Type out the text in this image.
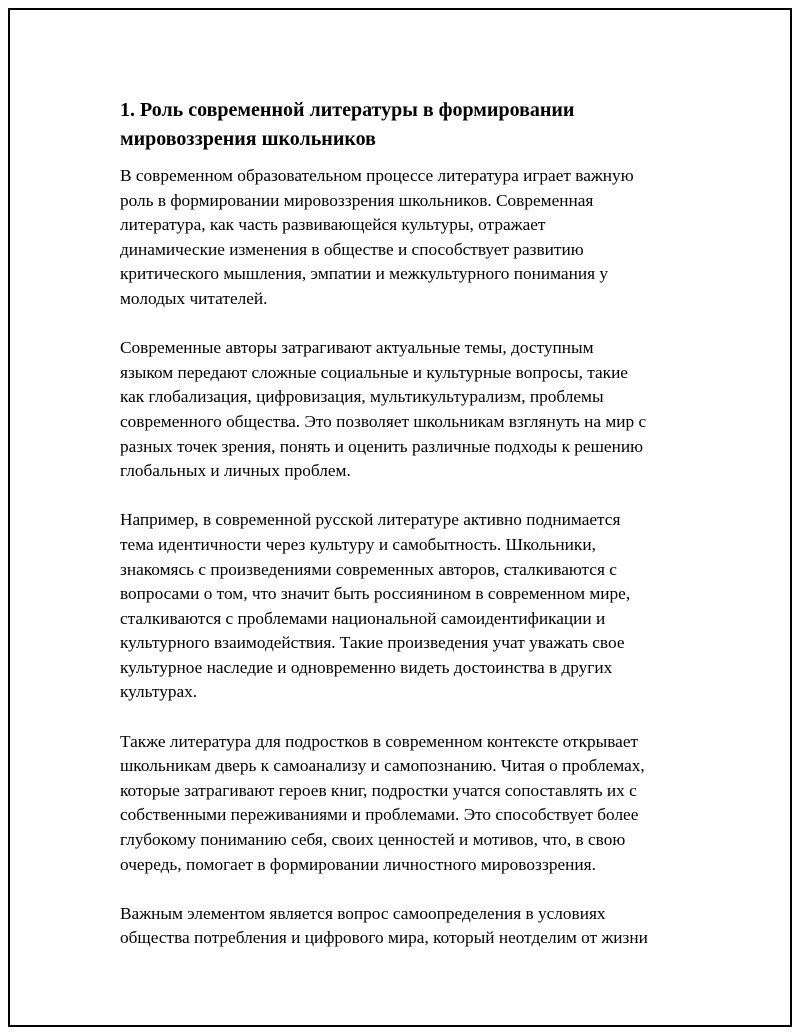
1. Роль современной литературы в формировании
мировоззрения школьников

В современном образовательном процессе литература играет важную
роль в формировании мировоззрения школьников. Современная
литература, как часть развивающейся культуры, отражает
динамические изменения в обществе и способствует развитию
критического мышления, эмпатии и межкультурного понимания у
молодых читателей.

Современные авторы затрагивают актуальные темы, доступным
языком передают сложные социальные и культурные вопросы, такие
как глобализация, цифровизация, мультикультурализм, проблемы
современного общества. Это позволяет школьникам взглянуть на мир с
разных точек зрения, понять и оценить различные подходы к решению
глобальных и личных проблем.

Например, в современной русской литературе активно поднимается
тема идентичности через культуру и самобытность. Школьники,
знакомясь с произведениями современных авторов, сталкиваются с
вопросами о том, что значит быть россиянином в современном мире,
сталкиваются с проблемами национальной самоидентификации и
культурного взаимодействия. Такие произведения учат уважать свое
культурное наследие и одновременно видеть достоинства в других
культурах.

Также литература для подростков в современном контексте открывает
школьникам дверь к самоанализу и самопознанию. Читая о проблемах,
которые затрагивают героев книг, подростки учатся сопоставлять их с
собственными переживаниями и проблемами. Это способствует более
глубокому пониманию себя, своих ценностей и мотивов, что, в свою
очередь, помогает в формировании личностного мировоззрения.

Важным элементом является вопрос самоопределения в условиях
общества потребления и цифрового мира, который неотделим от жизни
